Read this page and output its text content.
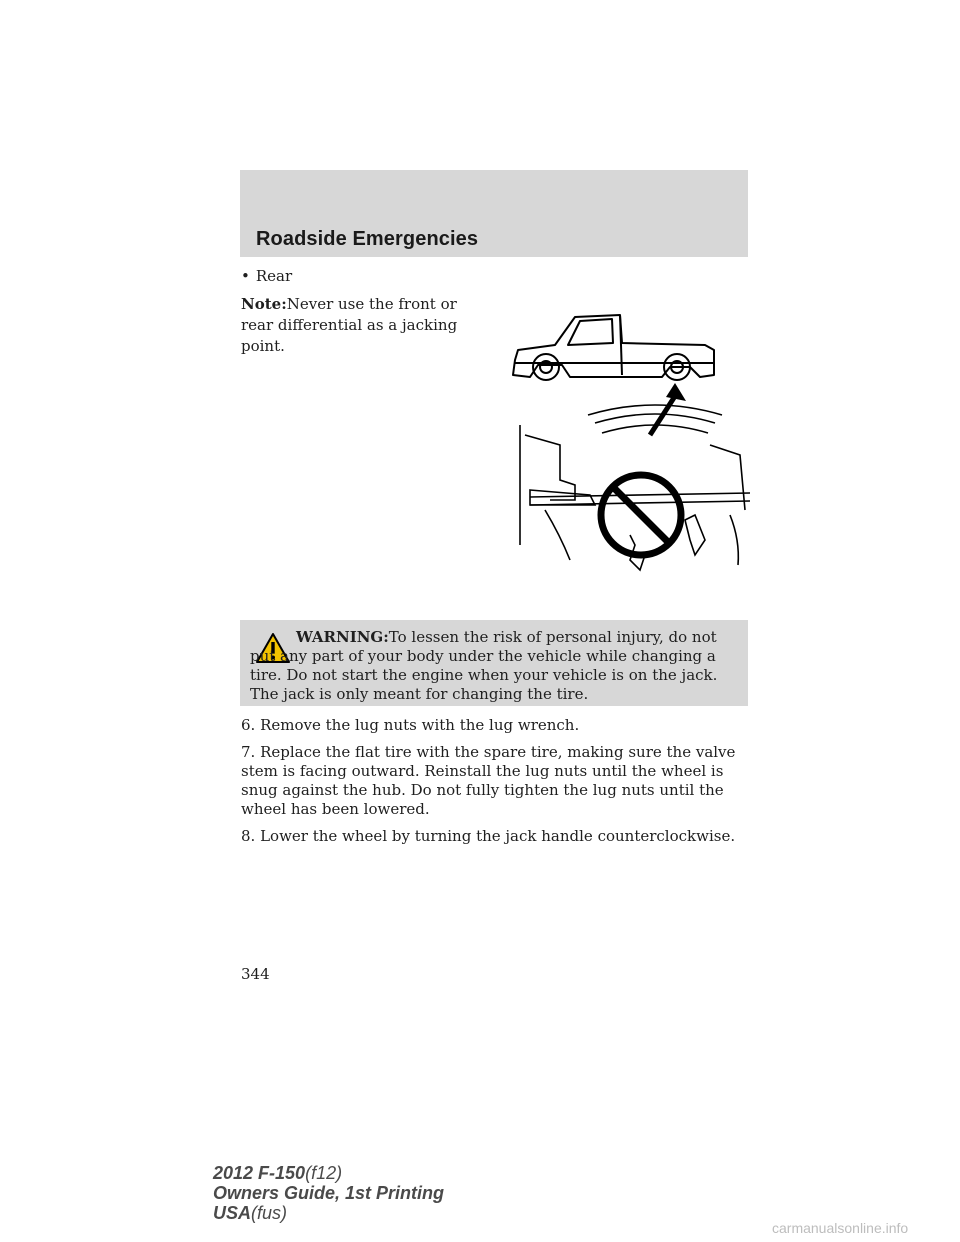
Roadside Emergencies
• Rear
Note:Never use the front or rear differential as a jacking point.

WARNING:To lessen the risk of personal injury, do not put any part of your body under the vehicle while changing a tire. Do not start the engine when your vehicle is on the jack. The jack is only meant for changing the tire.

6. Remove the lug nuts with the lug wrench.

7. Replace the flat tire with the spare tire, making sure the valve stem is facing outward. Reinstall the lug nuts until the wheel is snug against the hub. Do not fully tighten the lug nuts until the wheel has been lowered.

8. Lower the wheel by turning the jack handle counterclockwise.

344
2012 F-150(f12)
Owners Guide, 1st Printing
USA(fus)
carmanualsonline.info
